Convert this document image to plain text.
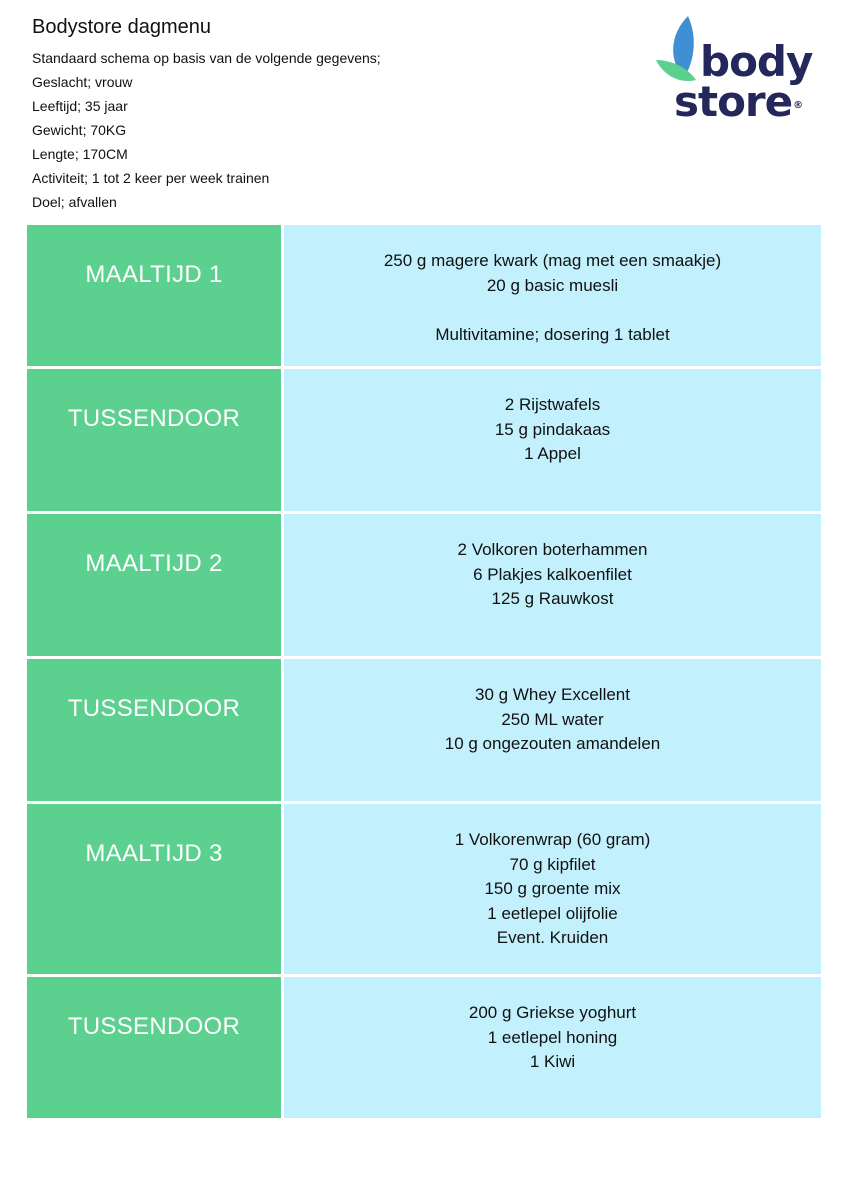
Bodystore dagmenu
Standaard schema op basis van de volgende gegevens;
Geslacht; vrouw
Leeftijd; 35 jaar
Gewicht; 70KG
Lengte; 170CM
Activiteit; 1 tot 2 keer per week trainen
Doel; afvallen
body
store®
MAALTIJD 1	250 g magere kwark (mag met een smaakje)
20 g basic muesli
Multivitamine; dosering 1 tablet

TUSSENDOOR	2 Rijstwafels
15 g pindakaas
1 Appel

MAALTIJD 2	2 Volkoren boterhammen
6 Plakjes kalkoenfilet
125 g Rauwkost

TUSSENDOOR	30 g Whey Excellent
250 ML water
10 g ongezouten amandelen

MAALTIJD 3	1 Volkorenwrap (60 gram)
70 g kipfilet
150 g groente mix
1 eetlepel olijfolie
Event. Kruiden

TUSSENDOOR	200 g Griekse yoghurt
1 eetlepel honing
1 Kiwi
